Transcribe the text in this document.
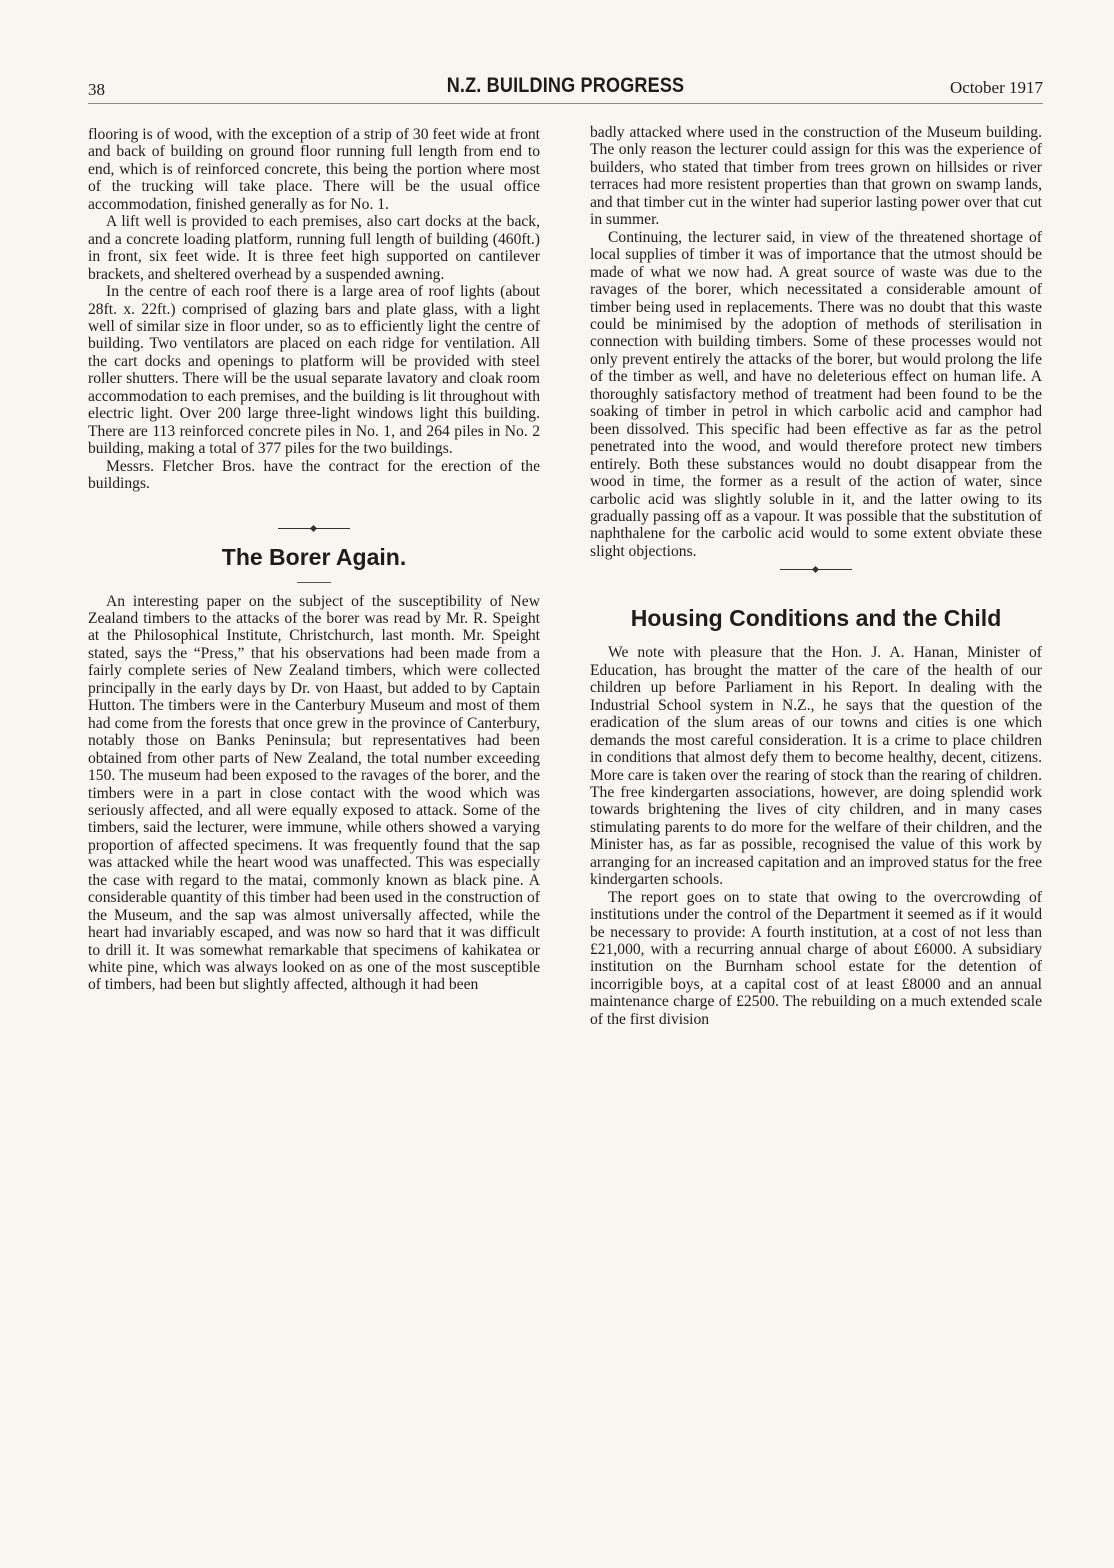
38	N.Z. BUILDING PROGRESS	October 1917

flooring is of wood, with the exception of a strip of 30 feet wide at front and back of building on ground floor running full length from end to end, which is of reinforced concrete, this being the portion where most of the trucking will take place. There will be the usual office accommodation, finished generally as for No. 1.

A lift well is provided to each premises, also cart docks at the back, and a concrete loading platform, running full length of building (460ft.) in front, six feet wide. It is three feet high supported on cantilever brackets, and sheltered overhead by a suspended awning.

In the centre of each roof there is a large area of roof lights (about 28ft. x. 22ft.) comprised of glazing bars and plate glass, with a light well of similar size in floor under, so as to efficiently light the centre of building. Two ventilators are placed on each ridge for ventilation. All the cart docks and openings to platform will be provided with steel roller shutters. There will be the usual separate lavatory and cloak room accommodation to each premises, and the building is lit throughout with electric light. Over 200 large three-light windows light this building. There are 113 reinforced concrete piles in No. 1, and 264 piles in No. 2 building, making a total of 377 piles for the two buildings.

Messrs. Fletcher Bros. have the contract for the erection of the buildings.

The Borer Again.

An interesting paper on the subject of the susceptibility of New Zealand timbers to the attacks of the borer was read by Mr. R. Speight at the Philosophical Institute, Christchurch, last month. Mr. Speight stated, says the “Press,” that his observations had been made from a fairly complete series of New Zealand timbers, which were collected principally in the early days by Dr. von Haast, but added to by Captain Hutton. The timbers were in the Canterbury Museum and most of them had come from the forests that once grew in the province of Canterbury, notably those on Banks Peninsula; but representatives had been obtained from other parts of New Zealand, the total number exceeding 150. The museum had been exposed to the ravages of the borer, and the timbers were in a part in close contact with the wood which was seriously affected, and all were equally exposed to attack. Some of the timbers, said the lecturer, were immune, while others showed a varying proportion of affected specimens. It was frequently found that the sap was attacked while the heart wood was unaffected. This was especially the case with regard to the matai, commonly known as black pine. A considerable quantity of this timber had been used in the construction of the Museum, and the sap was almost universally affected, while the heart had invariably escaped, and was now so hard that it was difficult to drill it. It was somewhat remarkable that specimens of kahikatea or white pine, which was always looked on as one of the most susceptible of timbers, had been but slightly affected, although it had been

badly attacked where used in the construction of the Museum building. The only reason the lecturer could assign for this was the experience of builders, who stated that timber from trees grown on hillsides or river terraces had more resistent properties than that grown on swamp lands, and that timber cut in the winter had superior lasting power over that cut in summer.

Continuing, the lecturer said, in view of the threatened shortage of local supplies of timber it was of importance that the utmost should be made of what we now had. A great source of waste was due to the ravages of the borer, which necessitated a considerable amount of timber being used in replacements. There was no doubt that this waste could be minimised by the adoption of methods of sterilisation in connection with building timbers. Some of these processes would not only prevent entirely the attacks of the borer, but would prolong the life of the timber as well, and have no deleterious effect on human life. A thoroughly satisfactory method of treatment had been found to be the soaking of timber in petrol in which carbolic acid and camphor had been dissolved. This specific had been effective as far as the petrol penetrated into the wood, and would therefore protect new timbers entirely. Both these substances would no doubt disappear from the wood in time, the former as a result of the action of water, since carbolic acid was slightly soluble in it, and the latter owing to its gradually passing off as a vapour. It was possible that the substitution of naphthalene for the carbolic acid would to some extent obviate these slight objections.

Housing Conditions and the Child

We note with pleasure that the Hon. J. A. Hanan, Minister of Education, has brought the matter of the care of the health of our children up before Parliament in his Report. In dealing with the Industrial School system in N.Z., he says that the question of the eradication of the slum areas of our towns and cities is one which demands the most careful consideration. It is a crime to place children in conditions that almost defy them to become healthy, decent, citizens. More care is taken over the rearing of stock than the rearing of children. The free kindergarten associations, however, are doing splendid work towards brightening the lives of city children, and in many cases stimulating parents to do more for the welfare of their children, and the Minister has, as far as possible, recognised the value of this work by arranging for an increased capitation and an improved status for the free kindergarten schools.

The report goes on to state that owing to the overcrowding of institutions under the control of the Department it seemed as if it would be necessary to provide: A fourth institution, at a cost of not less than £21,000, with a recurring annual charge of about £6000. A subsidiary institution on the Burnham school estate for the detention of incorrigible boys, at a capital cost of at least £8000 and an annual maintenance charge of £2500. The rebuilding on a much extended scale of the first division
